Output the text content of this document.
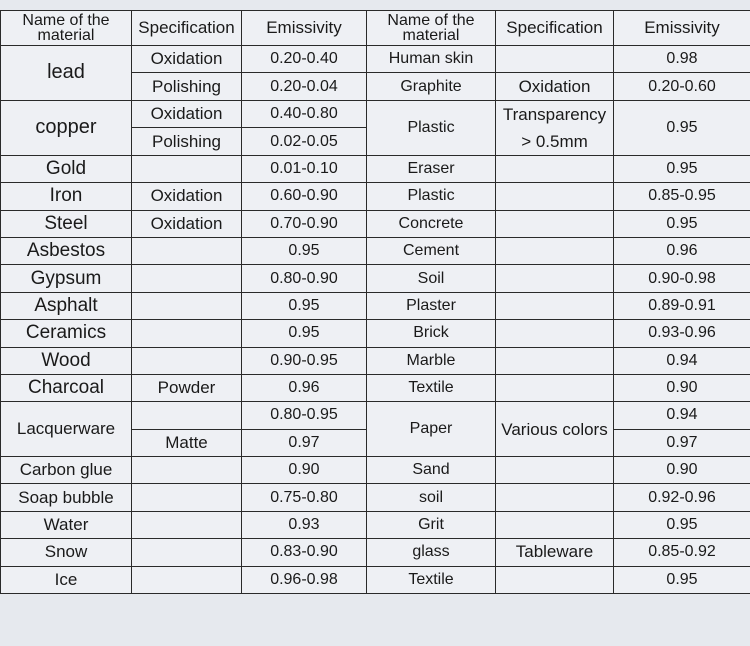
Name of the material	Specification	Emissivity	Name of the material	Specification	Emissivity
lead	Oxidation	0.20-0.40	Human skin		0.98
	Polishing	0.20-0.04	Graphite	Oxidation	0.20-0.60
copper	Oxidation	0.40-0.80	Plastic	Transparency > 0.5mm	0.95
	Polishing	0.02-0.05			
Gold		0.01-0.10	Eraser		0.95
Iron	Oxidation	0.60-0.90	Plastic		0.85-0.95
Steel	Oxidation	0.70-0.90	Concrete		0.95
Asbestos		0.95	Cement		0.96
Gypsum		0.80-0.90	Soil		0.90-0.98
Asphalt		0.95	Plaster		0.89-0.91
Ceramics		0.95	Brick		0.93-0.96
Wood		0.90-0.95	Marble		0.94
Charcoal	Powder	0.96	Textile		0.90
Lacquerware		0.80-0.95	Paper	Various colors	0.94
	Matte	0.97			0.97
Carbon glue		0.90	Sand		0.90
Soap bubble		0.75-0.80	soil		0.92-0.96
Water		0.93	Grit		0.95
Snow		0.83-0.90	glass	Tableware	0.85-0.92
Ice		0.96-0.98	Textile		0.95
